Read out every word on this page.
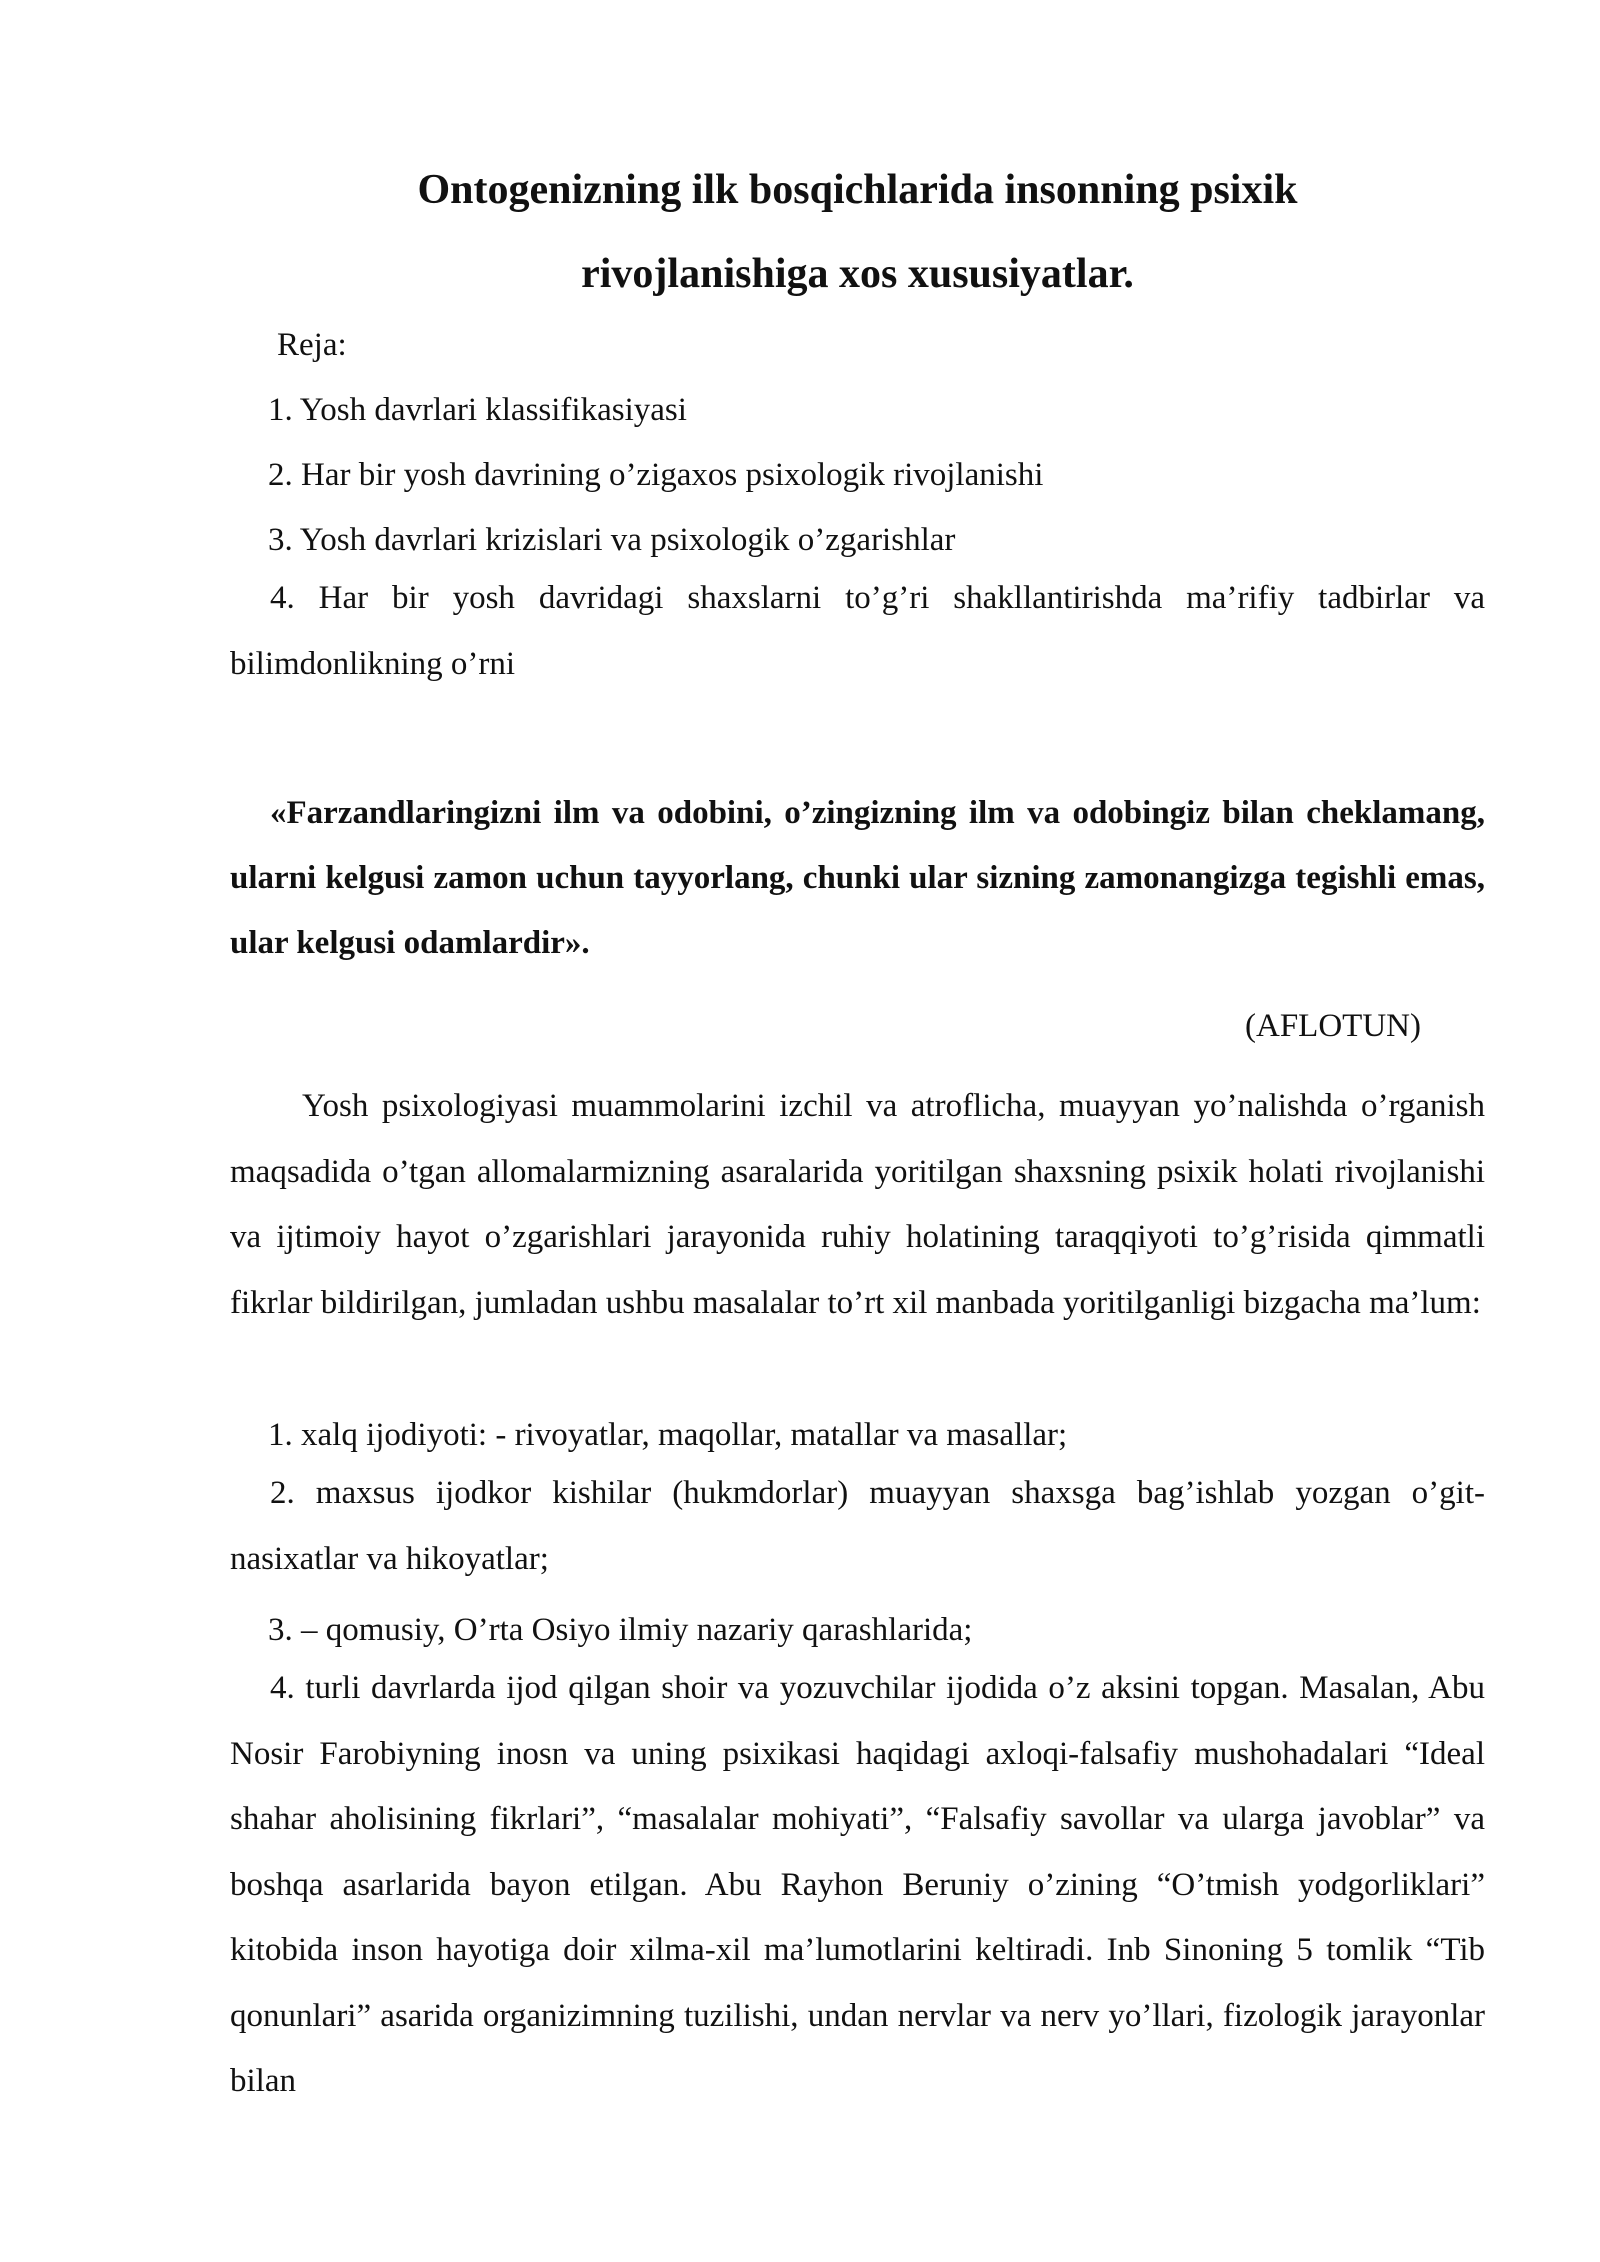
Ontogenizning ilk bosqichlarida insonning psixik
rivojlanishiga xos xususiyatlar.
Reja:
1. Yosh davrlari klassifikasiyasi
2. Har bir yosh davrining o’zigaxos psixologik rivojlanishi
3. Yosh davrlari krizislari va psixologik o’zgarishlar

4. Har bir yosh davridagi shaxslarni to’g’ri shakllantirishda ma’rifiy tadbirlar va bilimdonlikning o’rni

«Farzandlaringizni ilm va odobini, o’zingizning ilm va odobingiz bilan cheklamang, ularni kelgusi zamon uchun tayyorlang, chunki ular sizning zamonangizga tegishli emas, ular kelgusi odamlardir».

(AFLOTUN)

Yosh psixologiyasi muammolarini izchil va atroflicha, muayyan yo’nalishda o’rganish maqsadida o’tgan allomalarmizning asaralarida yoritilgan shaxsning psixik holati rivojlanishi va ijtimoiy hayot o’zgarishlari jarayonida ruhiy holatining taraqqiyoti to’g’risida qimmatli fikrlar bildirilgan, jumladan ushbu masalalar to’rt xil manbada yoritilganligi bizgacha ma’lum:

1. xalq ijodiyoti: - rivoyatlar, maqollar, matallar va masallar;

2. maxsus ijodkor kishilar (hukmdorlar) muayyan shaxsga bag’ishlab yozgan o’git- nasixatlar va hikoyatlar;

3. – qomusiy, O’rta Osiyo ilmiy nazariy qarashlarida;

4. turli davrlarda ijod qilgan shoir va yozuvchilar ijodida o’z aksini topgan. Masalan, Abu Nosir Farobiyning inosn va uning psixikasi haqidagi axloqi-falsafiy mushohadalari “Ideal shahar aholisining fikrlari”, “masalalar mohiyati”, “Falsafiy savollar va ularga javoblar” va boshqa asarlarida bayon etilgan. Abu Rayhon Beruniy o’zining “O’tmish yodgorliklari” kitobida inson hayotiga doir xilma-xil ma’lumotlarini keltiradi. Inb Sinoning 5 tomlik “Tib qonunlari” asarida organizimning tuzilishi, undan nervlar va nerv yo’llari, fizologik jarayonlar bilan
